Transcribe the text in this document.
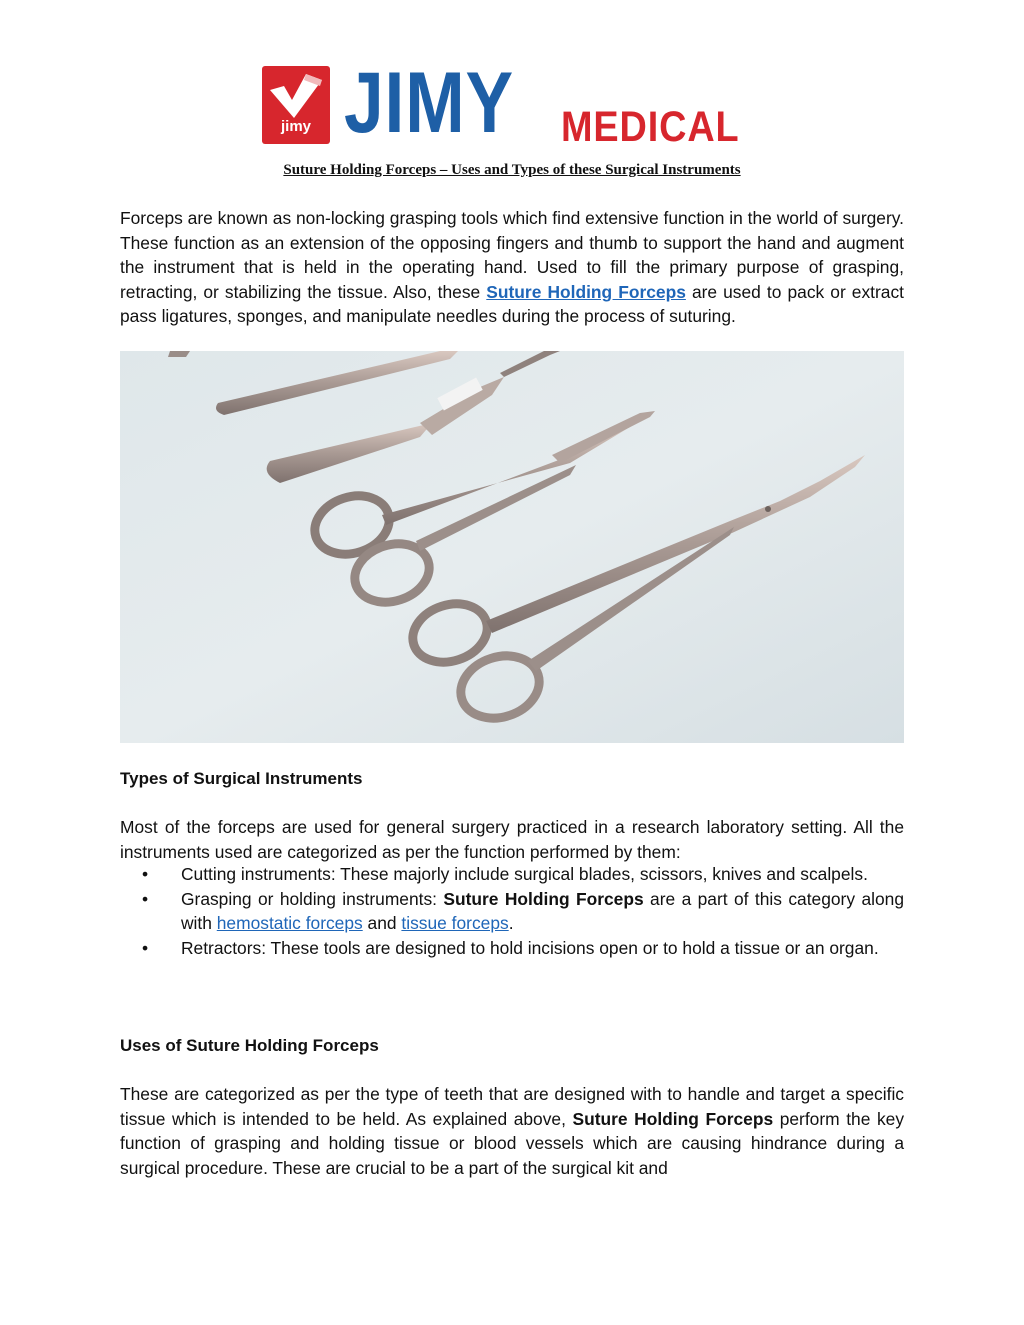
jimy JIMY MEDICAL
Suture Holding Forceps – Uses and Types of these Surgical Instruments

Forceps are known as non-locking grasping tools which find extensive function in the world of surgery. These function as an extension of the opposing fingers and thumb to support the hand and augment the instrument that is held in the operating hand. Used to fill the primary purpose of grasping, retracting, or stabilizing the tissue. Also, these Suture Holding Forceps are used to pack or extract pass ligatures, sponges, and manipulate needles during the process of suturing.

Types of Surgical Instruments

Most of the forceps are used for general surgery practiced in a research laboratory setting. All the instruments used are categorized as per the function performed by them:

• Cutting instruments: These majorly include surgical blades, scissors, knives and scalpels.
• Grasping or holding instruments: Suture Holding Forceps are a part of this category along with hemostatic forceps and tissue forceps.
• Retractors: These tools are designed to hold incisions open or to hold a tissue or an organ.
Uses of Suture Holding Forceps

These are categorized as per the type of teeth that are designed with to handle and target a specific tissue which is intended to be held. As explained above, Suture Holding Forceps perform the key function of grasping and holding tissue or blood vessels which are causing hindrance during a surgical procedure. These are crucial to be a part of the surgical kit and
